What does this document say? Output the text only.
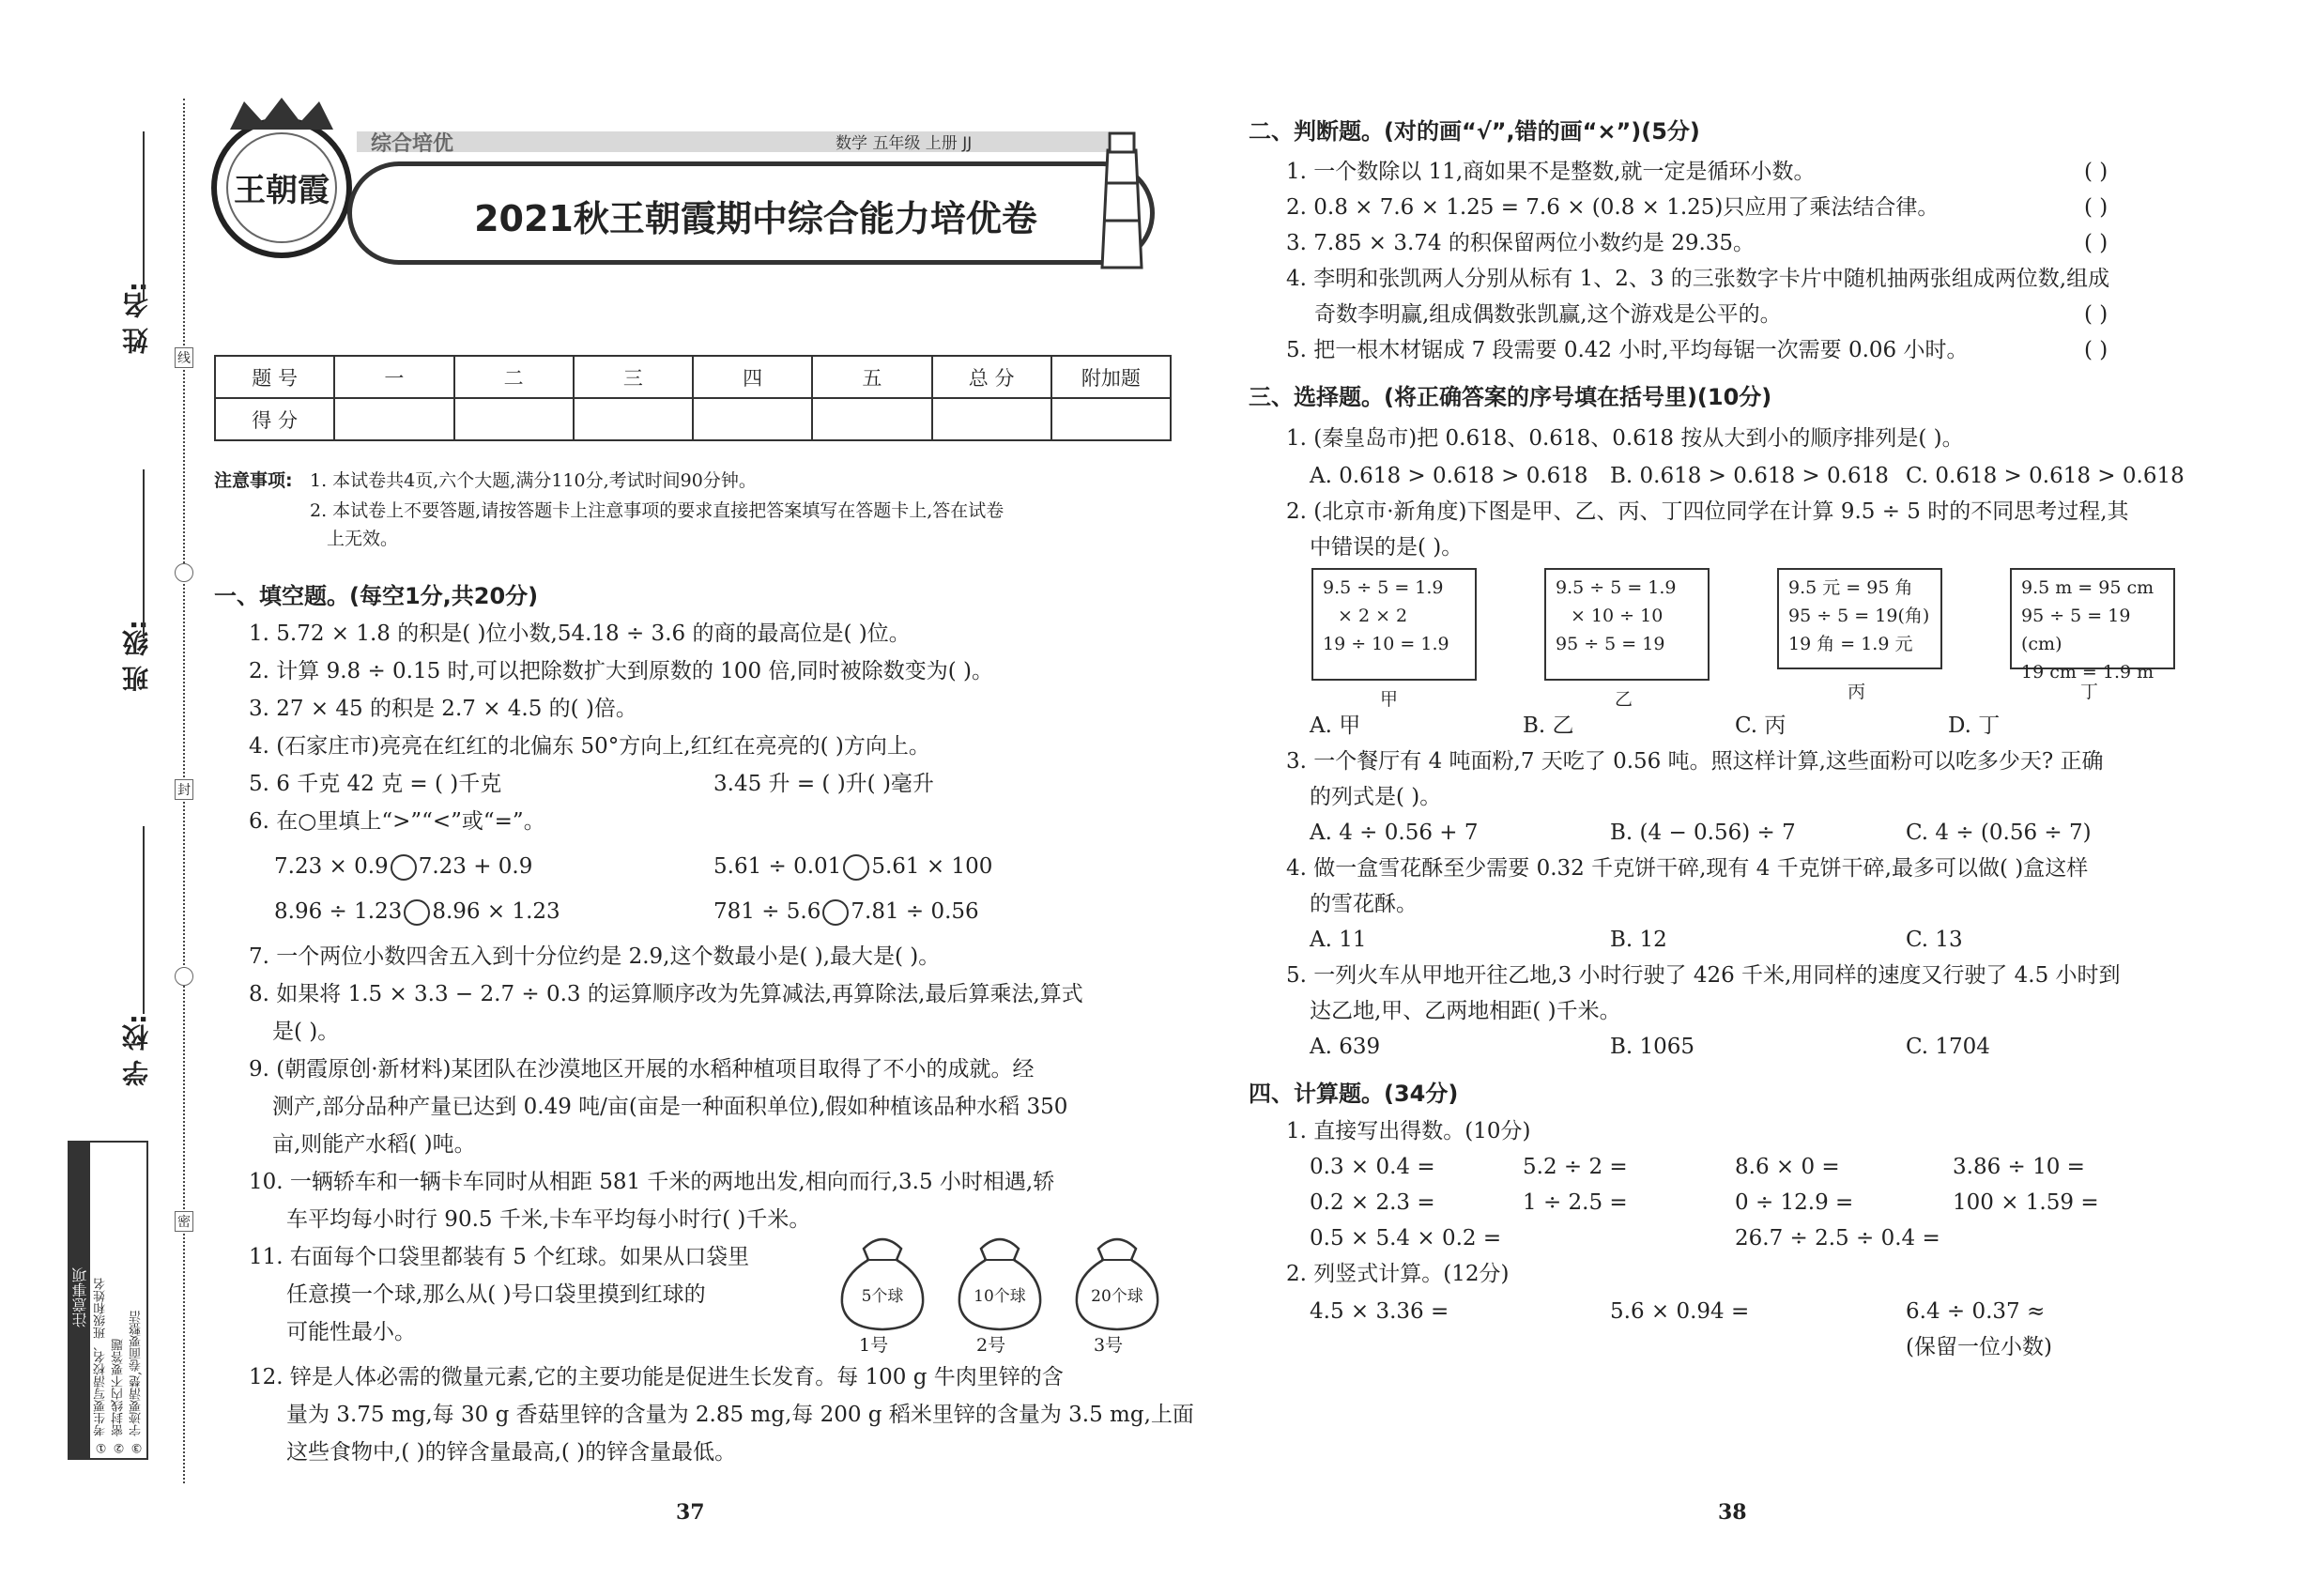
姓 名:
班 级:
学 校:
线
封
密
注意事项 ① 考生要写清校名、班级和姓名 ② 密封线内不要答题 ③ 字迹要清楚,卷面要整洁
王朝霞
综合培优	数学 五年级 上册 JJ
2021秋王朝霞期中综合能力培优卷
题 号	一	二	三	四	五	总 分	附加题
得 分							
注意事项: 1. 本试卷共4页,六个大题,满分110分,考试时间90分钟。
2. 本试卷上不要答题,请按答题卡上注意事项的要求直接把答案填写在答题卡上,答在试卷
上无效。
一、填空题。(每空1分,共20分)
1. 5.72 × 1.8 的积是( )位小数,54.18 ÷ 3.6 的商的最高位是( )位。
2. 计算 9.8 ÷ 0.15 时,可以把除数扩大到原数的 100 倍,同时被除数变为( )。
3. 27 × 45 的积是 2.7 × 4.5 的( )倍。
4. (石家庄市)亮亮在红红的北偏东 50°方向上,红红在亮亮的( )方向上。
5. 6 千克 42 克 = ( )千克	3.45 升 = ( )升( )毫升
6. 在○里填上“>”“<”或“=”。
7.23 × 0.9 7.23 + 0.9	5.61 ÷ 0.01 5.61 × 100
8.96 ÷ 1.23 8.96 × 1.23	781 ÷ 5.6 7.81 ÷ 0.56
7. 一个两位小数四舍五入到十分位约是 2.9,这个数最小是( ),最大是( )。
8. 如果将 1.5 × 3.3 − 2.7 ÷ 0.3 的运算顺序改为先算减法,再算除法,最后算乘法,算式
是( )。
9. (朝霞原创·新材料)某团队在沙漠地区开展的水稻种植项目取得了不小的成就。经
测产,部分品种产量已达到 0.49 吨/亩(亩是一种面积单位),假如种植该品种水稻 350
亩,则能产水稻( )吨。
10. 一辆轿车和一辆卡车同时从相距 581 千米的两地出发,相向而行,3.5 小时相遇,轿
车平均每小时行 90.5 千米,卡车平均每小时行( )千米。
11. 右面每个口袋里都装有 5 个红球。如果从口袋里
任意摸一个球,那么从( )号口袋里摸到红球的
可能性最小。
5个球
1号
10个球
2号
20个球
3号
12. 锌是人体必需的微量元素,它的主要功能是促进生长发育。每 100 g 牛肉里锌的含
量为 3.75 mg,每 30 g 香菇里锌的含量为 2.85 mg,每 200 g 稻米里锌的含量为 3.5 mg,上面
这些食物中,( )的锌含量最高,( )的锌含量最低。
37
二、判断题。(对的画“√”,错的画“×”)(5分)
1. 一个数除以 11,商如果不是整数,就一定是循环小数。	( )
2. 0.8 × 7.6 × 1.25 = 7.6 × (0.8 × 1.25)只应用了乘法结合律。	( )
3. 7.85 × 3.74 的积保留两位小数约是 29.35。	( )
4. 李明和张凯两人分别从标有 1、2、3 的三张数字卡片中随机抽两张组成两位数,组成
奇数李明赢,组成偶数张凯赢,这个游戏是公平的。	( )
5. 把一根木材锯成 7 段需要 0.42 小时,平均每锯一次需要 0.06 小时。	( )
三、选择题。(将正确答案的序号填在括号里)(10分)
1. (秦皇岛市)把 0.618、0.618、0.618 按从大到小的顺序排列是( )。
A. 0.618 > 0.618 > 0.618 B. 0.618 > 0.618 > 0.618 C. 0.618 > 0.618 > 0.618
2. (北京市·新角度)下图是甲、乙、丙、丁四位同学在计算 9.5 ÷ 5 时的不同思考过程,其
中错误的是( )。
9.5 ÷ 5 = 1.9
× 2 × 2
19 ÷ 10 = 1.9
甲
9.5 ÷ 5 = 1.9
× 10 ÷ 10
95 ÷ 5 = 19
乙
9.5 元 = 95 角
95 ÷ 5 = 19(角)
19 角 = 1.9 元
丙
9.5 m = 95 cm
95 ÷ 5 = 19 (cm)
19 cm = 1.9 m
丁
A. 甲	B. 乙	C. 丙	D. 丁
3. 一个餐厅有 4 吨面粉,7 天吃了 0.56 吨。照这样计算,这些面粉可以吃多少天? 正确
的列式是( )。
A. 4 ÷ 0.56 + 7	B. (4 − 0.56) ÷ 7	C. 4 ÷ (0.56 ÷ 7)
4. 做一盒雪花酥至少需要 0.32 千克饼干碎,现有 4 千克饼干碎,最多可以做( )盒这样
的雪花酥。
A. 11	B. 12	C. 13
5. 一列火车从甲地开往乙地,3 小时行驶了 426 千米,用同样的速度又行驶了 4.5 小时到
达乙地,甲、乙两地相距( )千米。
A. 639	B. 1065	C. 1704
四、计算题。(34分)
1. 直接写出得数。(10分)
0.3 × 0.4 =	5.2 ÷ 2 =	8.6 × 0 =	3.86 ÷ 10 =
0.2 × 2.3 =	1 ÷ 2.5 =	0 ÷ 12.9 =	100 × 1.59 =
0.5 × 5.4 × 0.2 =	26.7 ÷ 2.5 ÷ 0.4 =
2. 列竖式计算。(12分)
4.5 × 3.36 =	5.6 × 0.94 =	6.4 ÷ 0.37 ≈
(保留一位小数)
38
